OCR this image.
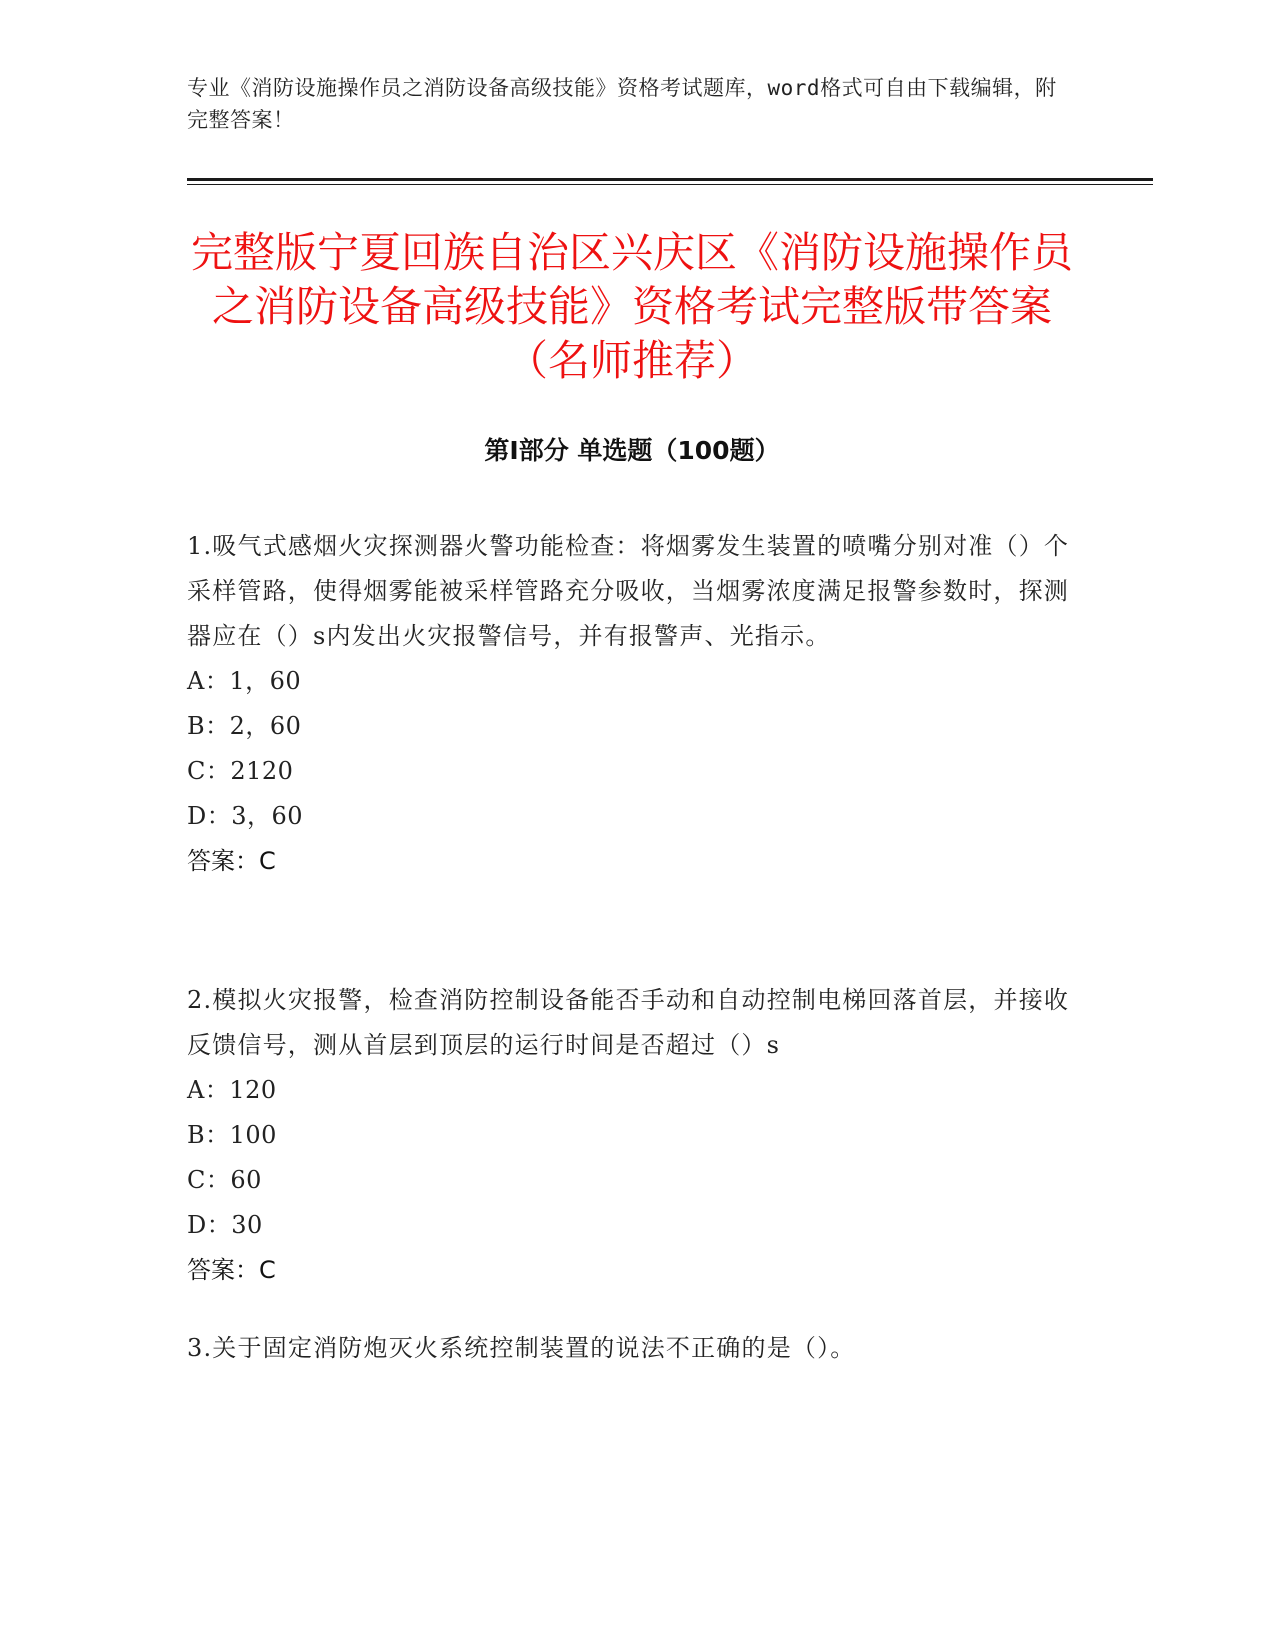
专业《消防设施操作员之消防设备高级技能》资格考试题库，word格式可自由下载编辑，附完整答案！
完整版宁夏回族自治区兴庆区《消防设施操作员之消防设备高级技能》资格考试完整版带答案（名师推荐）
第Ⅰ部分 单选题（100题）

1.吸气式感烟火灾探测器火警功能检查：将烟雾发生装置的喷嘴分别对准（）个采样管路，使得烟雾能被采样管路充分吸收，当烟雾浓度满足报警参数时，探测器应在（）s内发出火灾报警信号，并有报警声、光指示。

A：1，60

B：2，60

C：2120

D：3，60

答案：C

2.模拟火灾报警，检查消防控制设备能否手动和自动控制电梯回落首层，并接收反馈信号，测从首层到顶层的运行时间是否超过（）s

A：120

B：100

C：60

D：30

答案：C

3.关于固定消防炮灭火系统控制装置的说法不正确的是（）。
